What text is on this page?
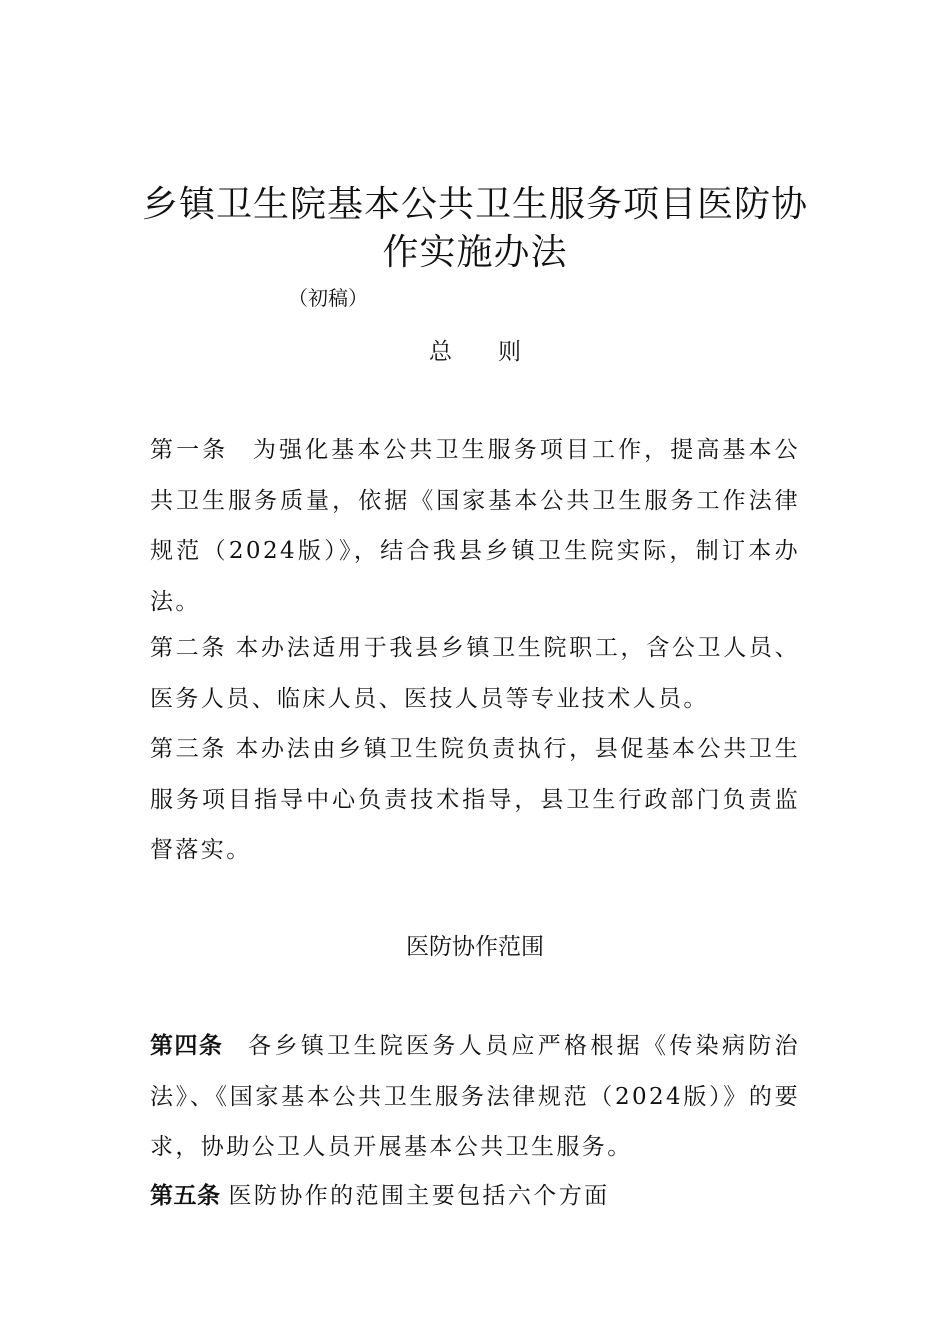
乡镇卫生院基本公共卫生服务项目医防协
作实施办法
（初稿）
总　　则
第一条 为强化基本公共卫生服务项目工作，提高基本公共卫生服务质量，依据《国家基本公共卫生服务工作法律规范（2024版）》，结合我县乡镇卫生院实际，制订本办法。
第二条 本办法适用于我县乡镇卫生院职工，含公卫人员、医务人员、临床人员、医技人员等专业技术人员。
第三条 本办法由乡镇卫生院负责执行，县促基本公共卫生服务项目指导中心负责技术指导，县卫生行政部门负责监督落实。
医防协作范围
第四条 各乡镇卫生院医务人员应严格根据《传染病防治法》、《国家基本公共卫生服务法律规范（2024版）》的要求，协助公卫人员开展基本公共卫生服务。
第五条 医防协作的范围主要包括六个方面
